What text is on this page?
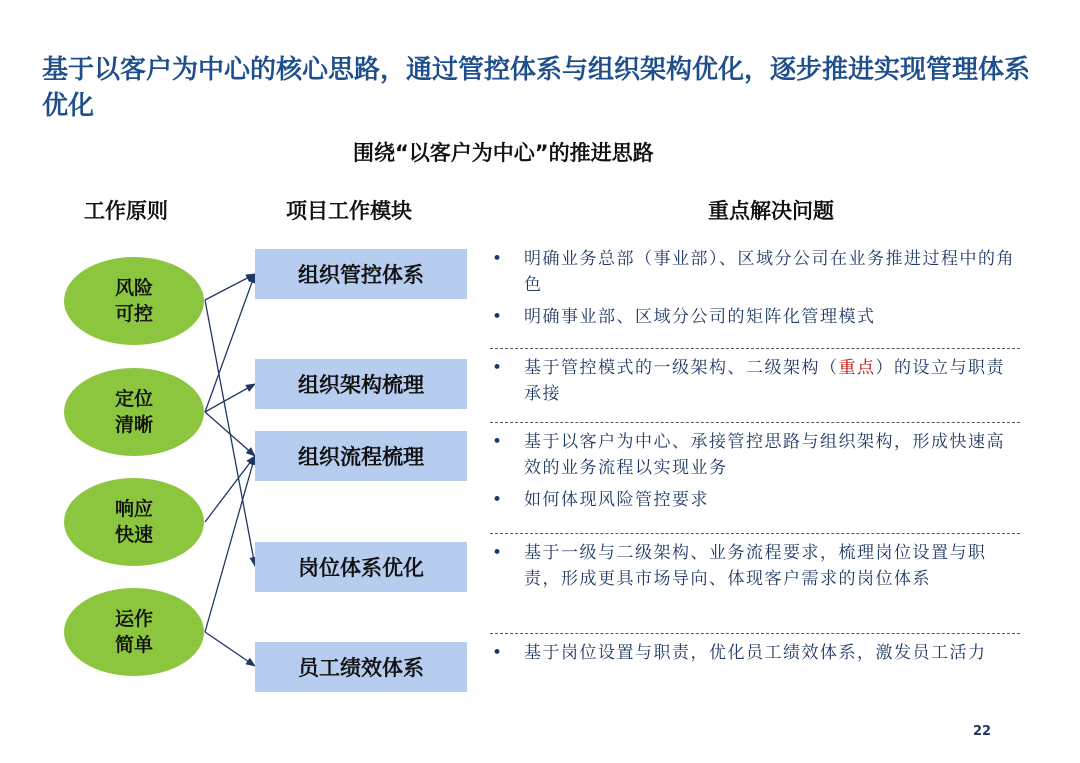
基于以客户为中心的核心思路，通过管控体系与组织架构优化，逐步推进实现管理体系优化
围绕“以客户为中心”的推进思路
工作原则	项目工作模块	重点解决问题
风险
可控
定位
清晰
响应
快速
运作
简单
组织管控体系
组织架构梳理
组织流程梳理
岗位体系优化
员工绩效体系
• 明确业务总部（事业部）、区域分公司在业务推进过程中的角色
• 明确事业部、区域分公司的矩阵化管理模式
• 基于管控模式的一级架构、二级架构（重点）的设立与职责承接
• 基于以客户为中心、承接管控思路与组织架构，形成快速高效的业务流程以实现业务
• 如何体现风险管控要求
• 基于一级与二级架构、业务流程要求，梳理岗位设置与职责，形成更具市场导向、体现客户需求的岗位体系
• 基于岗位设置与职责，优化员工绩效体系，激发员工活力
22
